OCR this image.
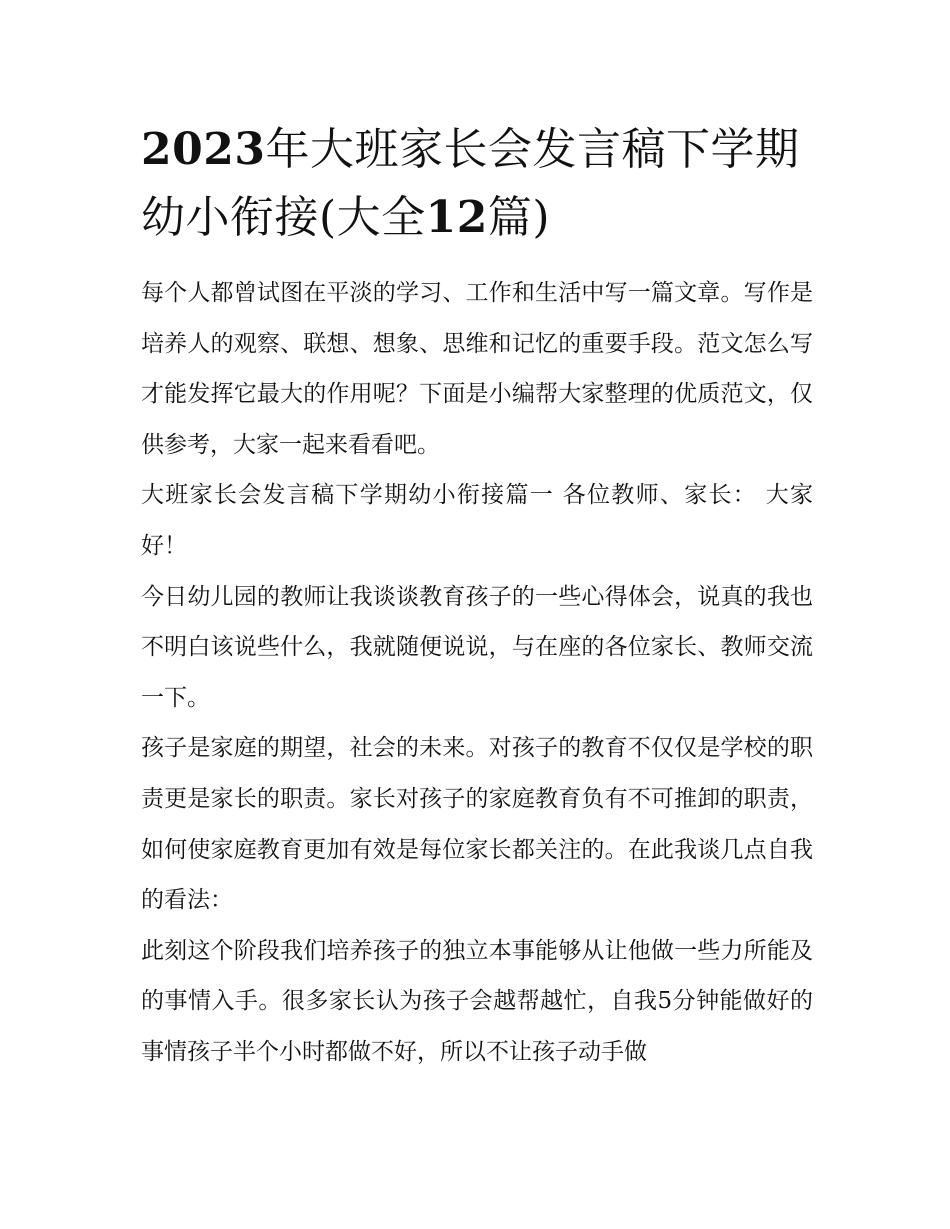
2023年大班家长会发言稿下学期幼小衔接(大全12篇)

每个人都曾试图在平淡的学习、工作和生活中写一篇文章。写作是培养人的观察、联想、想象、思维和记忆的重要手段。范文怎么写才能发挥它最大的作用呢？下面是小编帮大家整理的优质范文，仅供参考，大家一起来看看吧。

大班家长会发言稿下学期幼小衔接篇一 各位教师、家长： 大家好！

今日幼儿园的教师让我谈谈教育孩子的一些心得体会，说真的我也不明白该说些什么，我就随便说说，与在座的各位家长、教师交流一下。

孩子是家庭的期望，社会的未来。对孩子的教育不仅仅是学校的职责更是家长的职责。家长对孩子的家庭教育负有不可推卸的职责，如何使家庭教育更加有效是每位家长都关注的。在此我谈几点自我的看法：

此刻这个阶段我们培养孩子的独立本事能够从让他做一些力所能及的事情入手。很多家长认为孩子会越帮越忙，自我5分钟能做好的事情孩子半个小时都做不好，所以不让孩子动手做
